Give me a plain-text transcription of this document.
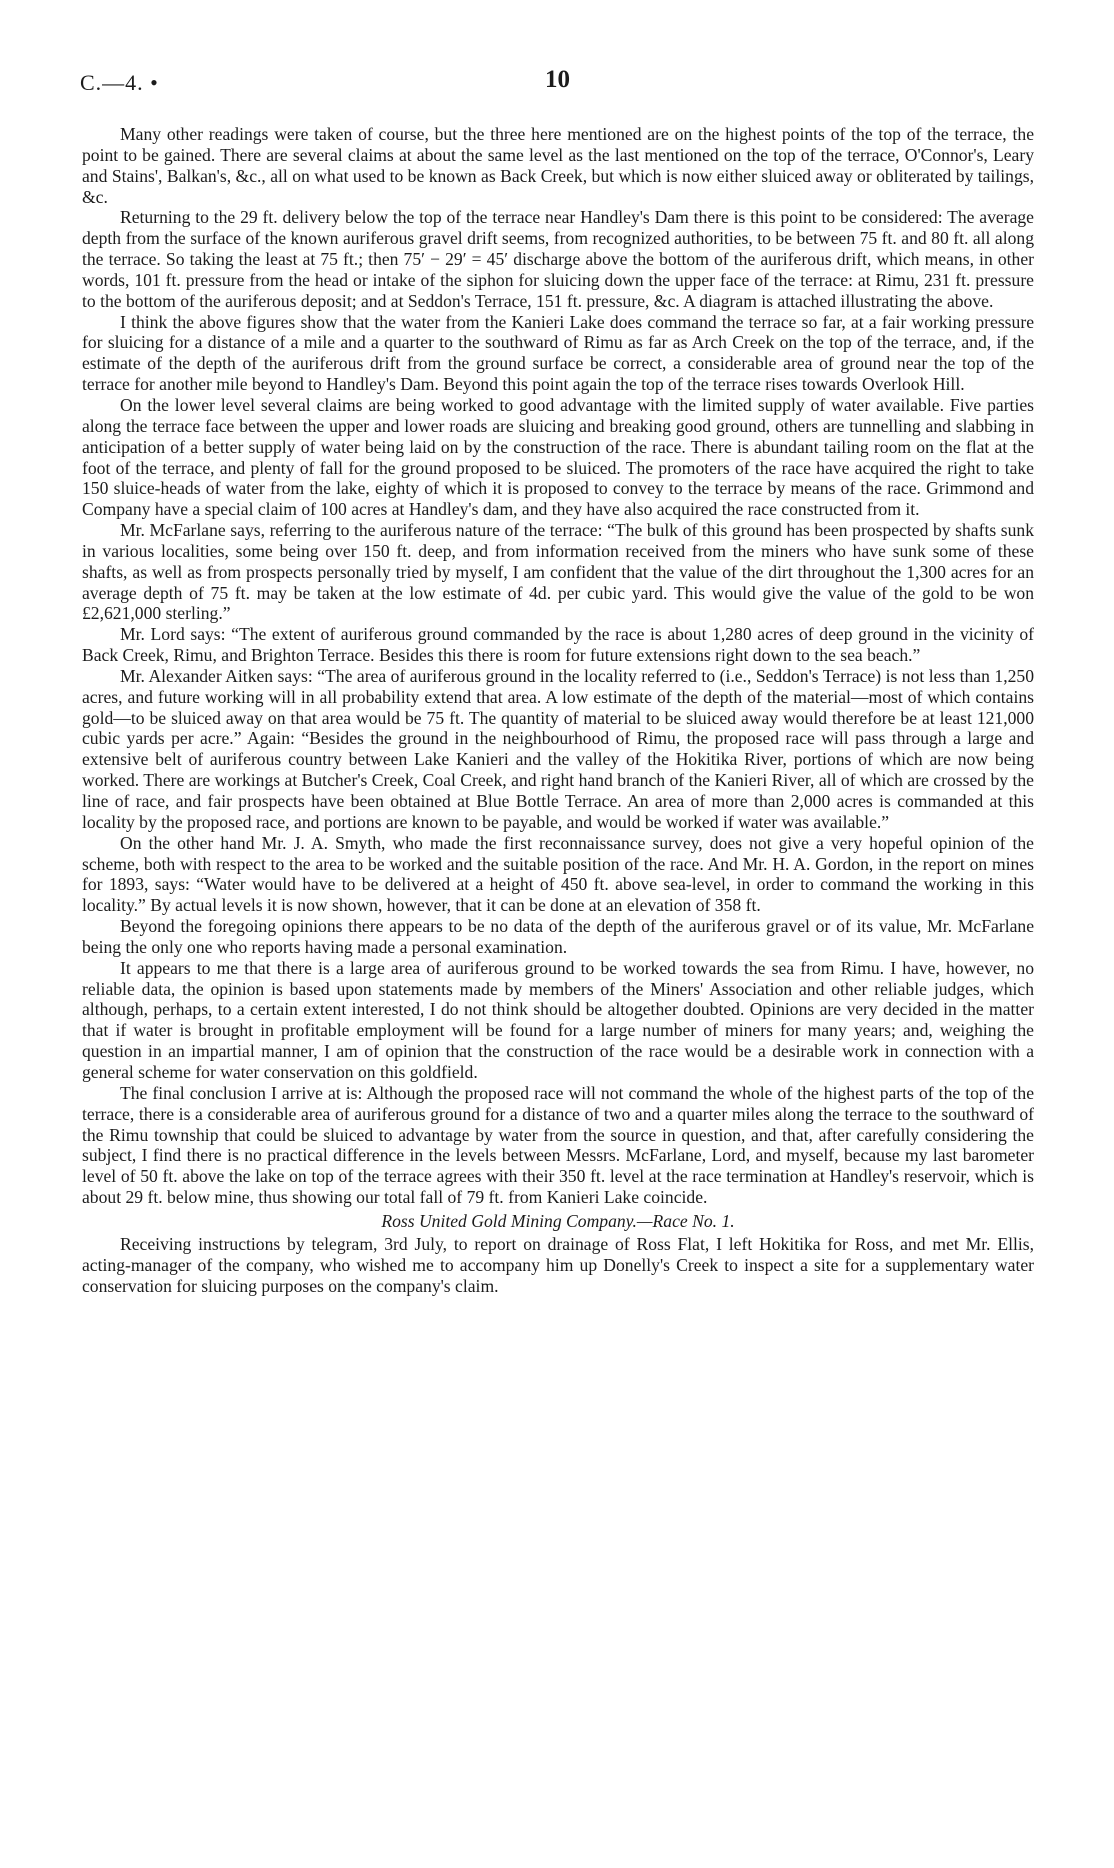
C.—4. •	10

Many other readings were taken of course, but the three here mentioned are on the highest points of the top of the terrace, the point to be gained. There are several claims at about the same level as the last mentioned on the top of the terrace, O'Connor's, Leary and Stains', Balkan's, &c., all on what used to be known as Back Creek, but which is now either sluiced away or obliterated by tailings, &c.

Returning to the 29 ft. delivery below the top of the terrace near Handley's Dam there is this point to be considered: The average depth from the surface of the known auriferous gravel drift seems, from recognized authorities, to be between 75 ft. and 80 ft. all along the terrace. So taking the least at 75 ft.; then 75′ − 29′ = 45′ discharge above the bottom of the auriferous drift, which means, in other words, 101 ft. pressure from the head or intake of the siphon for sluicing down the upper face of the terrace: at Rimu, 231 ft. pressure to the bottom of the auriferous deposit; and at Seddon's Terrace, 151 ft. pressure, &c. A diagram is attached illustrating the above.

I think the above figures show that the water from the Kanieri Lake does command the terrace so far, at a fair working pressure for sluicing for a distance of a mile and a quarter to the southward of Rimu as far as Arch Creek on the top of the terrace, and, if the estimate of the depth of the auriferous drift from the ground surface be correct, a considerable area of ground near the top of the terrace for another mile beyond to Handley's Dam. Beyond this point again the top of the terrace rises towards Overlook Hill.

On the lower level several claims are being worked to good advantage with the limited supply of water available. Five parties along the terrace face between the upper and lower roads are sluicing and breaking good ground, others are tunnelling and slabbing in anticipation of a better supply of water being laid on by the construction of the race. There is abundant tailing room on the flat at the foot of the terrace, and plenty of fall for the ground proposed to be sluiced. The promoters of the race have acquired the right to take 150 sluice-heads of water from the lake, eighty of which it is proposed to convey to the terrace by means of the race. Grimmond and Company have a special claim of 100 acres at Handley's dam, and they have also acquired the race constructed from it.

Mr. McFarlane says, referring to the auriferous nature of the terrace: “The bulk of this ground has been prospected by shafts sunk in various localities, some being over 150 ft. deep, and from information received from the miners who have sunk some of these shafts, as well as from prospects personally tried by myself, I am confident that the value of the dirt throughout the 1,300 acres for an average depth of 75 ft. may be taken at the low estimate of 4d. per cubic yard. This would give the value of the gold to be won £2,621,000 sterling.”

Mr. Lord says: “The extent of auriferous ground commanded by the race is about 1,280 acres of deep ground in the vicinity of Back Creek, Rimu, and Brighton Terrace. Besides this there is room for future extensions right down to the sea beach.”

Mr. Alexander Aitken says: “The area of auriferous ground in the locality referred to (i.e., Seddon's Terrace) is not less than 1,250 acres, and future working will in all probability extend that area. A low estimate of the depth of the material—most of which contains gold—to be sluiced away on that area would be 75 ft. The quantity of material to be sluiced away would therefore be at least 121,000 cubic yards per acre.” Again: “Besides the ground in the neighbourhood of Rimu, the proposed race will pass through a large and extensive belt of auriferous country between Lake Kanieri and the valley of the Hokitika River, portions of which are now being worked. There are workings at Butcher's Creek, Coal Creek, and right hand branch of the Kanieri River, all of which are crossed by the line of race, and fair prospects have been obtained at Blue Bottle Terrace. An area of more than 2,000 acres is commanded at this locality by the proposed race, and portions are known to be payable, and would be worked if water was available.”

On the other hand Mr. J. A. Smyth, who made the first reconnaissance survey, does not give a very hopeful opinion of the scheme, both with respect to the area to be worked and the suitable position of the race. And Mr. H. A. Gordon, in the report on mines for 1893, says: “Water would have to be delivered at a height of 450 ft. above sea-level, in order to command the working in this locality.” By actual levels it is now shown, however, that it can be done at an elevation of 358 ft.

Beyond the foregoing opinions there appears to be no data of the depth of the auriferous gravel or of its value, Mr. McFarlane being the only one who reports having made a personal examination.

It appears to me that there is a large area of auriferous ground to be worked towards the sea from Rimu. I have, however, no reliable data, the opinion is based upon statements made by members of the Miners' Association and other reliable judges, which although, perhaps, to a certain extent interested, I do not think should be altogether doubted. Opinions are very decided in the matter that if water is brought in profitable employment will be found for a large number of miners for many years; and, weighing the question in an impartial manner, I am of opinion that the construction of the race would be a desirable work in connection with a general scheme for water conservation on this goldfield.

The final conclusion I arrive at is: Although the proposed race will not command the whole of the highest parts of the top of the terrace, there is a considerable area of auriferous ground for a distance of two and a quarter miles along the terrace to the southward of the Rimu township that could be sluiced to advantage by water from the source in question, and that, after carefully considering the subject, I find there is no practical difference in the levels between Messrs. McFarlane, Lord, and myself, because my last barometer level of 50 ft. above the lake on top of the terrace agrees with their 350 ft. level at the race termination at Handley's reservoir, which is about 29 ft. below mine, thus showing our total fall of 79 ft. from Kanieri Lake coincide.

Ross United Gold Mining Company.—Race No. 1.

Receiving instructions by telegram, 3rd July, to report on drainage of Ross Flat, I left Hokitika for Ross, and met Mr. Ellis, acting-manager of the company, who wished me to accompany him up Donelly's Creek to inspect a site for a supplementary water conservation for sluicing purposes on the company's claim.
